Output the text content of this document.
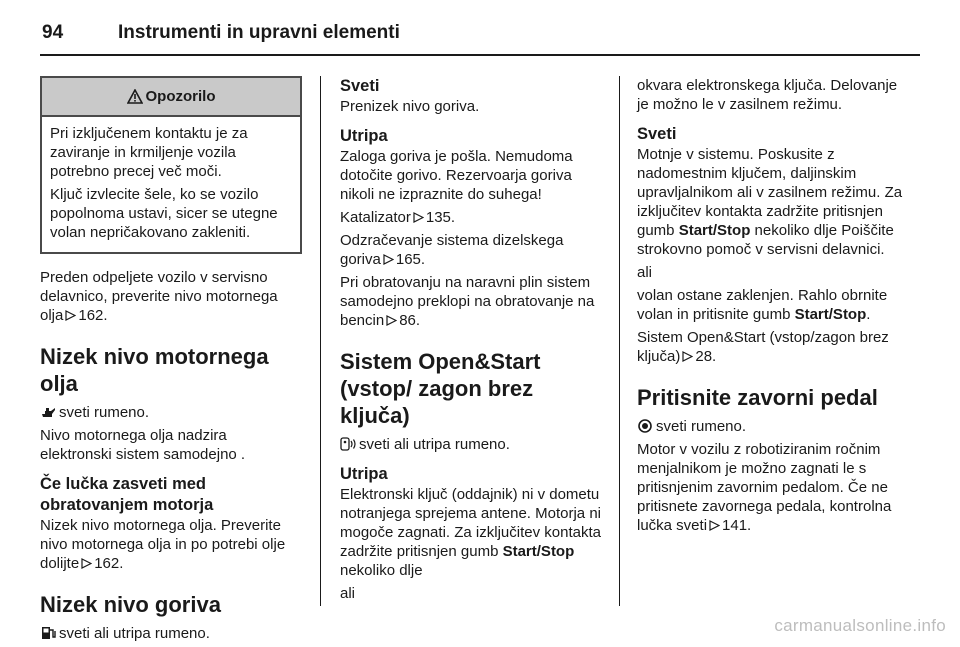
94	Instrumenti in upravni elementi
Opozorilo

Pri izključenem kontaktu je za zaviranje in krmiljenje vozila potrebno precej več moči.

Ključ izvlecite šele, ko se vozilo popolnoma ustavi, sicer se utegne volan nepričakovano zakleniti.

Preden odpeljete vozilo v servisno delavnico, preverite nivo motornega olja 162.

Nizek nivo motornega olja

sveti rumeno.

Nivo motornega olja nadzira elektronski sistem samodejno .

Če lučka zasveti med obratovanjem motorja

Nizek nivo motornega olja. Preverite nivo motornega olja in po potrebi olje dolijte 162.

Nizek nivo goriva

sveti ali utripa rumeno.

Sveti

Prenizek nivo goriva.

Utripa

Zaloga goriva je pošla. Nemudoma dotočite gorivo. Rezervoarja goriva nikoli ne izpraznite do suhega!

Katalizator 135.

Odzračevanje sistema dizelskega goriva 165.

Pri obratovanju na naravni plin sistem samodejno preklopi na obratovanje na bencin 86.

Sistem Open&Start (vstop/ zagon brez ključa)

sveti ali utripa rumeno.

Utripa

Elektronski ključ (oddajnik) ni v dometu notranjega sprejema antene. Motorja ni mogoče zagnati. Za izključitev kontakta zadržite pritisnjen gumb Start/Stop nekoliko dlje

ali

okvara elektronskega ključa. Delovanje je možno le v zasilnem režimu.

Sveti

Motnje v sistemu. Poskusite z nadomestnim ključem, daljinskim upravljalnikom ali v zasilnem režimu. Za izključitev kontakta zadržite pritisnjen gumb Start/Stop nekoliko dlje Poiščite strokovno pomoč v servisni delavnici.

ali

volan ostane zaklenjen. Rahlo obrnite volan in pritisnite gumb Start/Stop.

Sistem Open&Start (vstop/zagon brez ključa) 28.

Pritisnite zavorni pedal

sveti rumeno.

Motor v vozilu z robotiziranim ročnim menjalnikom je možno zagnati le s pritisnjenim zavornim pedalom. Če ne pritisnete zavornega pedala, kontrolna lučka sveti 141.

carmanualsonline.info
